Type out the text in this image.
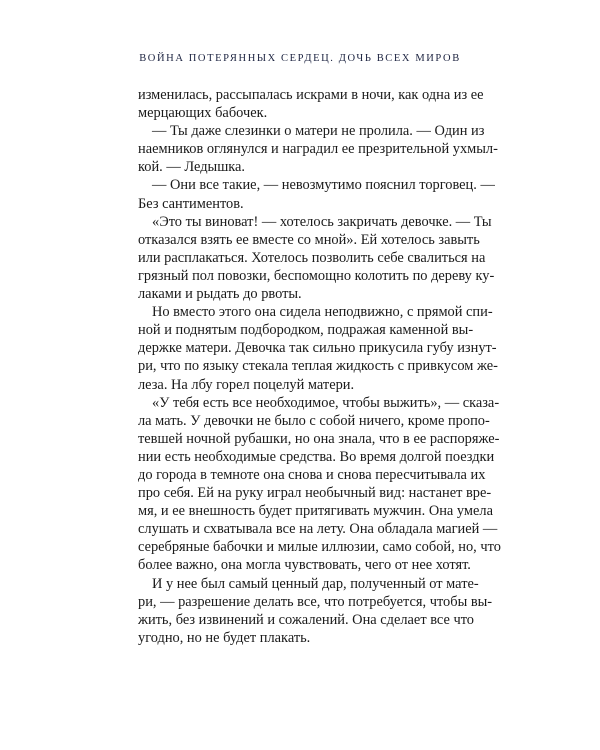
ВОЙНА ПОТЕРЯННЫХ СЕРДЕЦ. ДОЧЬ ВСЕХ МИРОВ
изменилась, рассыпалась искрами в ночи, как одна из ее
мерцающих бабочек.
— Ты даже слезинки о матери не пролила. — Один из
наемников оглянулся и наградил ее презрительной ухмыл-
кой. — Ледышка.
— Они все такие, — невозмутимо пояснил торговец. —
Без сантиментов.
«Это ты виноват! — хотелось закричать девочке. — Ты
отказался взять ее вместе со мной». Ей хотелось завыть
или расплакаться. Хотелось позволить себе свалиться на
грязный пол повозки, беспомощно колотить по дереву ку-
лаками и рыдать до рвоты.
Но вместо этого она сидела неподвижно, с прямой спи-
ной и поднятым подбородком, подражая каменной вы-
держке матери. Девочка так сильно прикусила губу изнут-
ри, что по языку стекала теплая жидкость с привкусом же-
леза. На лбу горел поцелуй матери.
«У тебя есть все необходимое, чтобы выжить», — сказа-
ла мать. У девочки не было с собой ничего, кроме пропо-
тевшей ночной рубашки, но она знала, что в ее распоряже-
нии есть необходимые средства. Во время долгой поездки
до города в темноте она снова и снова пересчитывала их
про себя. Ей на руку играл необычный вид: настанет вре-
мя, и ее внешность будет притягивать мужчин. Она умела
слушать и схватывала все на лету. Она обладала магией —
серебряные бабочки и милые иллюзии, само собой, но, что
более важно, она могла чувствовать, чего от нее хотят.
И у нее был самый ценный дар, полученный от мате-
ри, — разрешение делать все, что потребуется, чтобы вы-
жить, без извинений и сожалений. Она сделает все что
угодно, но не будет плакать.
